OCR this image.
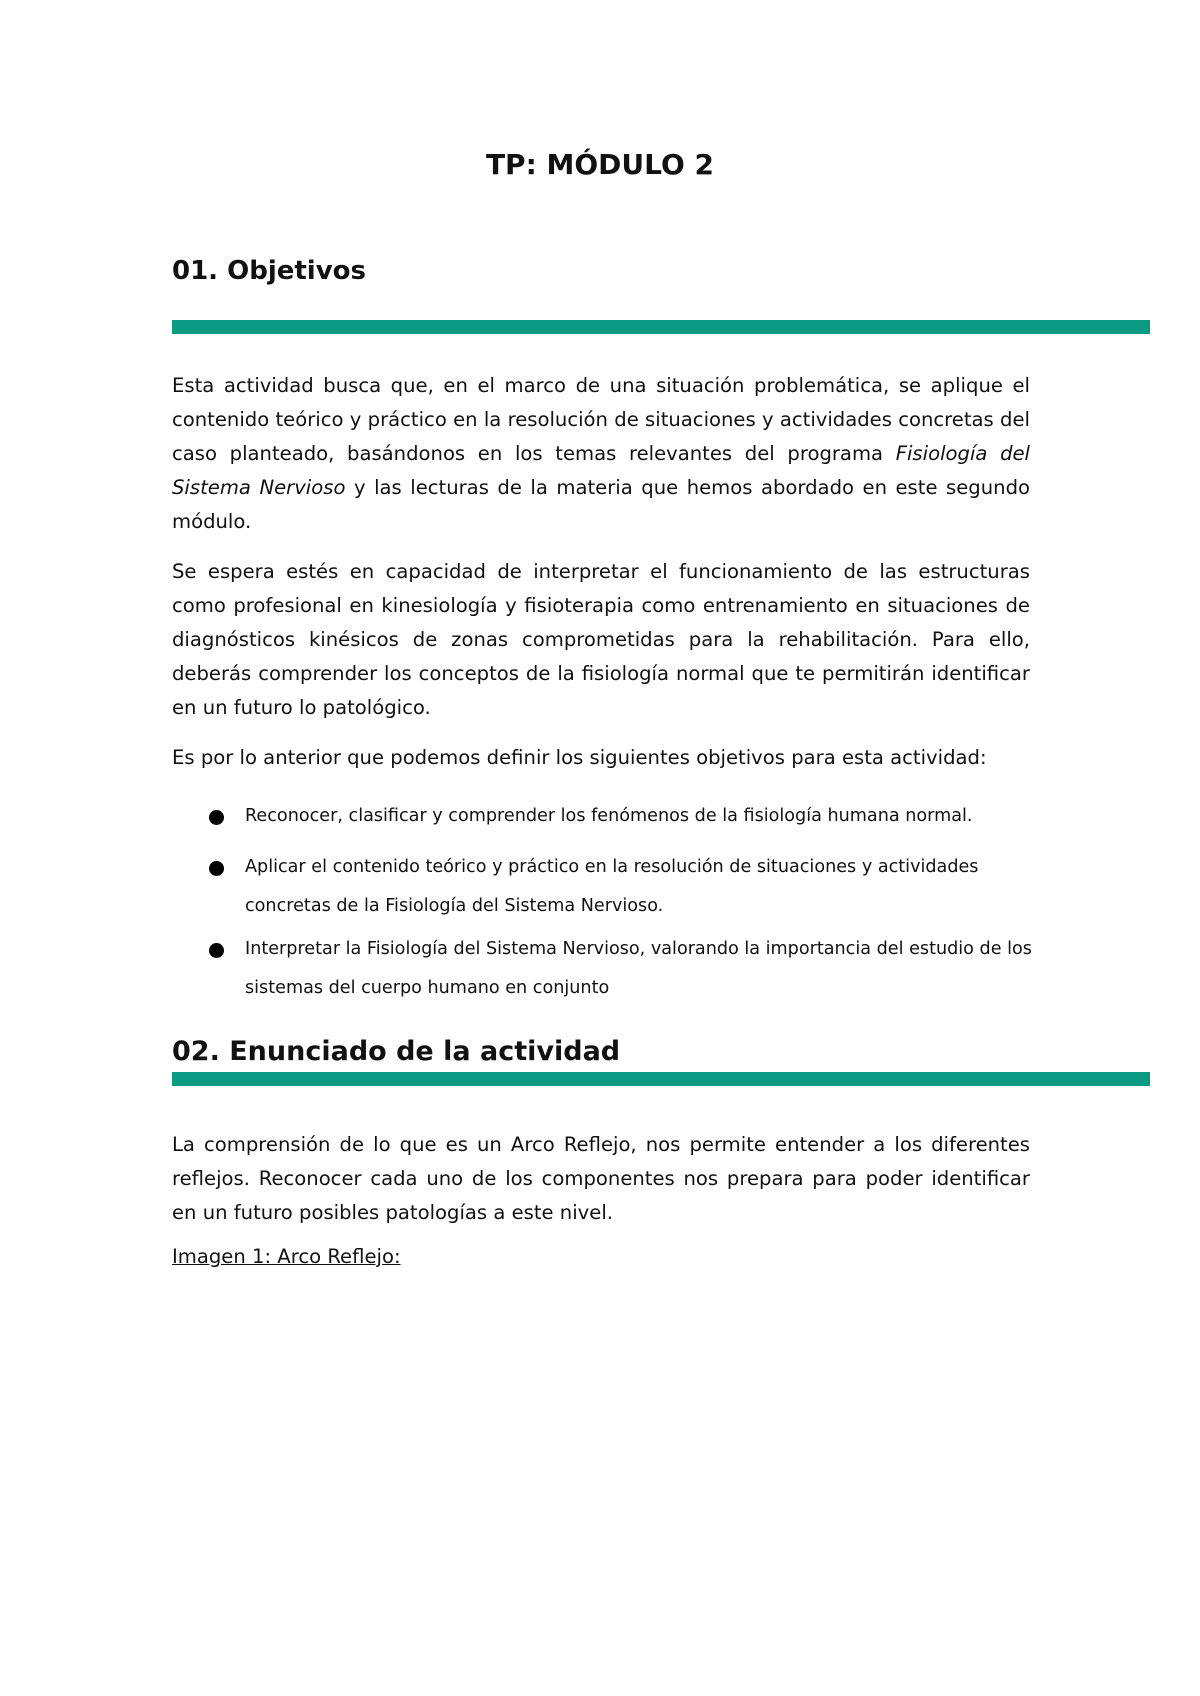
TP: MÓDULO 2
01. Objetivos

Esta actividad busca que, en el marco de una situación problemática, se aplique el contenido teórico y práctico en la resolución de situaciones y actividades concretas del caso planteado, basándonos en los temas relevantes del programa Fisiología del Sistema Nervioso y las lecturas de la materia que hemos abordado en este segundo módulo.

Se espera estés en capacidad de interpretar el funcionamiento de las estructuras como profesional en kinesiología y fisioterapia como entrenamiento en situaciones de diagnósticos kinésicos de zonas comprometidas para la rehabilitación. Para ello, deberás comprender los conceptos de la fisiología normal que te permitirán identificar en un futuro lo patológico.

Es por lo anterior que podemos definir los siguientes objetivos para esta actividad:

Reconocer, clasificar y comprender los fenómenos de la fisiología humana normal.
Aplicar el contenido teórico y práctico en la resolución de situaciones y actividades concretas de la Fisiología del Sistema Nervioso.
Interpretar la Fisiología del Sistema Nervioso, valorando la importancia del estudio de los sistemas del cuerpo humano en conjunto
02. Enunciado de la actividad

La comprensión de lo que es un Arco Reflejo, nos permite entender a los diferentes reflejos. Reconocer cada uno de los componentes nos prepara para poder identificar en un futuro posibles patologías a este nivel.

Imagen 1: Arco Reflejo:
